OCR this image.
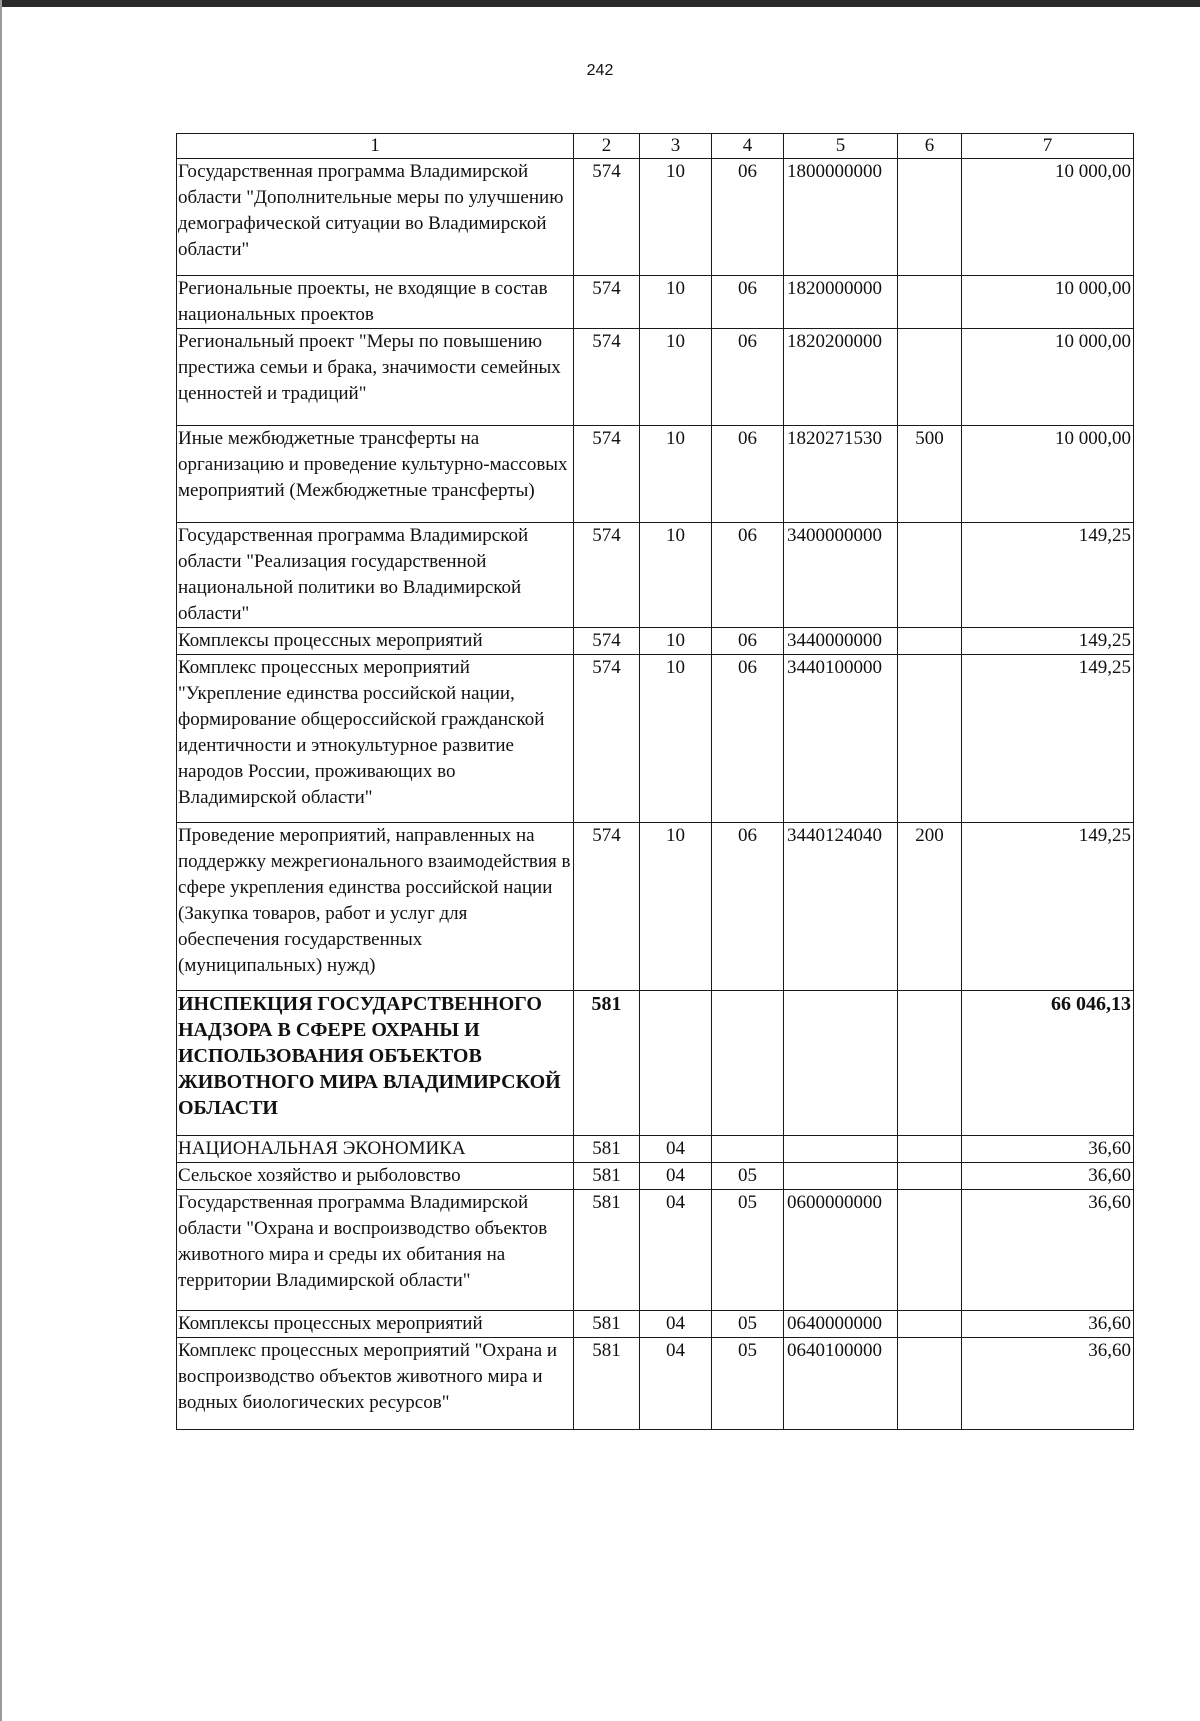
242
1	2	3	4	5	6	7
Государственная программа Владимирской области "Дополнительные меры по улучшению демографической ситуации во Владимирской области"	574	10	06	1800000000		10 000,00
Региональные проекты, не входящие в состав национальных проектов	574	10	06	1820000000		10 000,00
Региональный проект "Меры по повышению престижа семьи и брака, значимости семейных ценностей и традиций"	574	10	06	1820200000		10 000,00
Иные межбюджетные трансферты на организацию и проведение культурно-массовых мероприятий (Межбюджетные трансферты)	574	10	06	1820271530	500	10 000,00
Государственная программа Владимирской области "Реализация государственной национальной политики во Владимирской области"	574	10	06	3400000000		149,25
Комплексы процессных мероприятий	574	10	06	3440000000		149,25
Комплекс процессных мероприятий "Укрепление единства российской нации, формирование общероссийской гражданской идентичности и этнокультурное развитие народов России, проживающих во Владимирской области"	574	10	06	3440100000		149,25
Проведение мероприятий, направленных на поддержку межрегионального взаимодействия в сфере укрепления единства российской нации (Закупка товаров, работ и услуг для обеспечения государственных (муниципальных) нужд)	574	10	06	3440124040	200	149,25
ИНСПЕКЦИЯ ГОСУДАРСТВЕННОГО НАДЗОРА В СФЕРЕ ОХРАНЫ И ИСПОЛЬЗОВАНИЯ ОБЪЕКТОВ ЖИВОТНОГО МИРА ВЛАДИМИРСКОЙ ОБЛАСТИ	581					66 046,13
НАЦИОНАЛЬНАЯ ЭКОНОМИКА	581	04				36,60
Сельское хозяйство и рыболовство	581	04	05			36,60
Государственная программа Владимирской области "Охрана и воспроизводство объектов животного мира и среды их обитания на территории Владимирской области"	581	04	05	0600000000		36,60
Комплексы процессных мероприятий	581	04	05	0640000000		36,60
Комплекс процессных мероприятий "Охрана и воспроизводство объектов животного мира и водных биологических ресурсов"	581	04	05	0640100000		36,60
